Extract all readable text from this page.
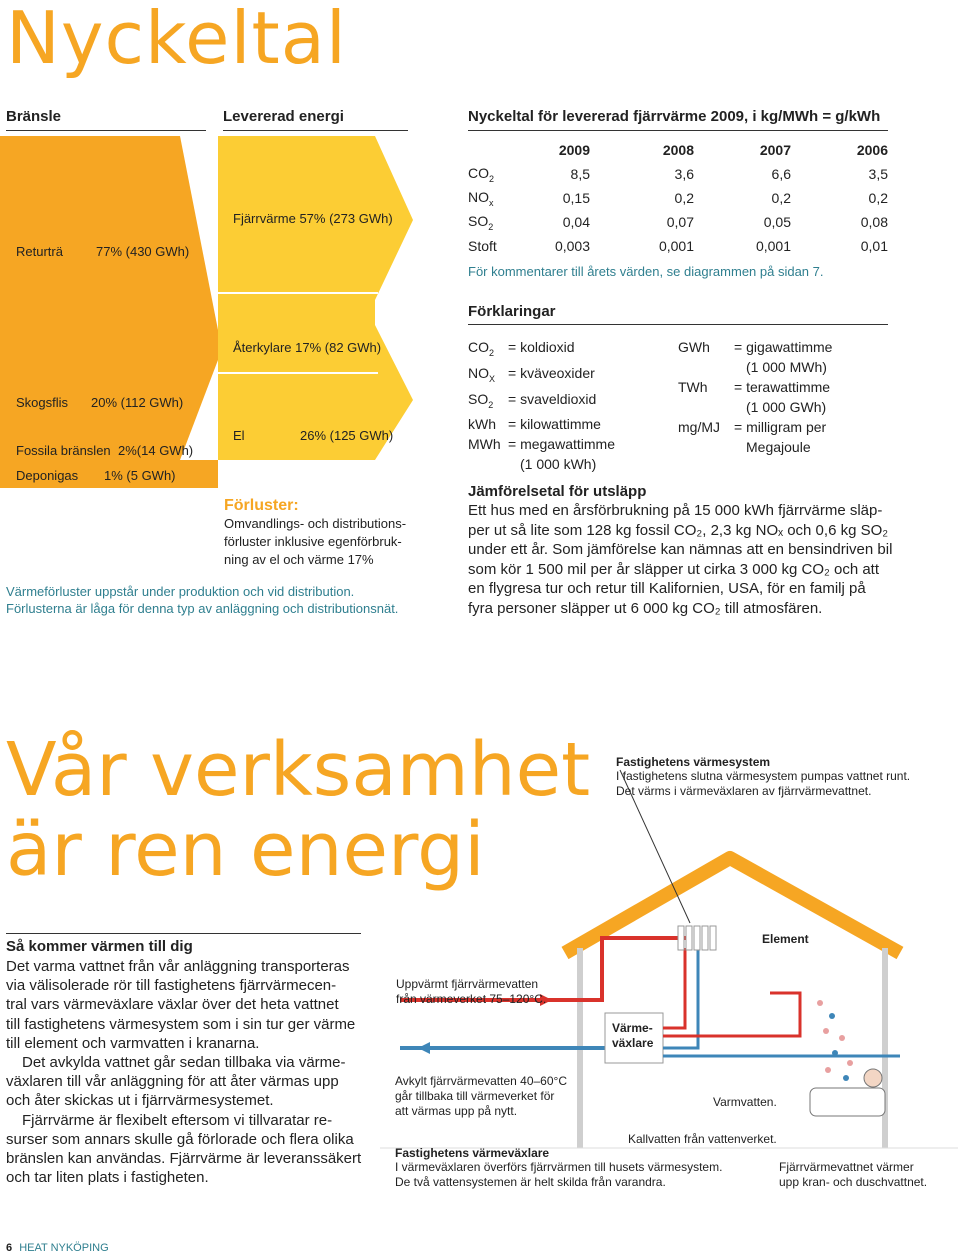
Nyckeltal
Bränsle	Levererad energi
Returträ	77% (430 GWh)
Skogsflis 20% (112 GWh)
Fossila bränslen 2%(14 GWh)
Deponigas 1% (5 GWh)
Fjärrvärme 57% (273 GWh)
Återkylare 17% (82 GWh)
El	26% (125 GWh)
Förluster:
Omvandlings- och distributions-
förluster inklusive egenförbruk-
ning av el och värme 17%
Värmeförluster uppstår under produktion och vid distribution.
Förlusterna är låga för denna typ av anläggning och distributionsnät.
Nyckeltal för levererad fjärrvärme 2009, i kg/MWh = g/kWh
	2009	2008	2007	2006
$CO_2$	8,5	3,6	6,6	3,5
$NO_x$	0,15	0,2	0,2	0,2
$SO_2$	0,04	0,07	0,05	0,08
Stoft	0,003	0,001	0,001	0,01
För kommentarer till årets värden, se diagrammen på sidan 7.
Förklaringar
$CO_2$ = koldioxid
$NO_X$ = kväveoxider
$SO_2$ = svaveldioxid
kWh = kilowattimme
MWh = megawattimme
(1 000 kWh)
GWh = gigawattimme
(1 000 MWh)
TWh = terawattimme
(1 000 GWh)
mg/MJ = milligram per
Megajoule
Jämförelsetal för utsläpp
Ett hus med en årsförbrukning på 15 000 kWh fjärrvärme släp-
per ut så lite som 128 kg fossil CO₂, 2,3 kg NOₓ och 0,6 kg SO₂
under ett år. Som jämförelse kan nämnas att en bensindriven bil
som kör 1 500 mil per år släpper ut cirka 3 000 kg CO₂ och att
en flygresa tur och retur till Kalifornien, USA, för en familj på
fyra personer släpper ut 6 000 kg CO₂ till atmosfären.
Vår verksamhet
är ren energi
Så kommer värmen till dig
Det varma vattnet från vår anläggning transporteras
via välisolerade rör till fastighetens fjärrvärmecen-
tral vars värmeväxlare växlar över det heta vattnet
till fastighetens värmesystem som i sin tur ger värme
till element och varmvatten i kranarna.
Det avkylda vattnet går sedan tillbaka via värme-
växlaren till vår anläggning för att åter värmas upp
och åter skickas ut i fjärrvärmesystemet.
Fjärrvärme är flexibelt eftersom vi tillvaratar re-
surser som annars skulle gå förlorade och flera olika
bränslen kan användas. Fjärrvärme är leveranssäkert
och tar liten plats i fastigheten.
Fastighetens värmesystem
I fastighetens slutna värmesystem pumpas vattnet runt.
Det värms i värmeväxlaren av fjärrvärmevattnet.
Element
Uppvärmt fjärrvärmevatten
från värmeverket 75–120°C.
Värme-
växlare
Avkylt fjärrvärmevatten 40–60°C
går tillbaka till värmeverket för
att värmas upp på nytt.
Varmvatten.
Kallvatten från vattenverket.
Fastighetens värmeväxlare
I värmeväxlaren överförs fjärrvärmen till husets värmesystem.
De två vattensystemen är helt skilda från varandra.
Fjärrvärmevattnet värmer
upp kran- och duschvattnet.
6 HEAT NYKÖPING
